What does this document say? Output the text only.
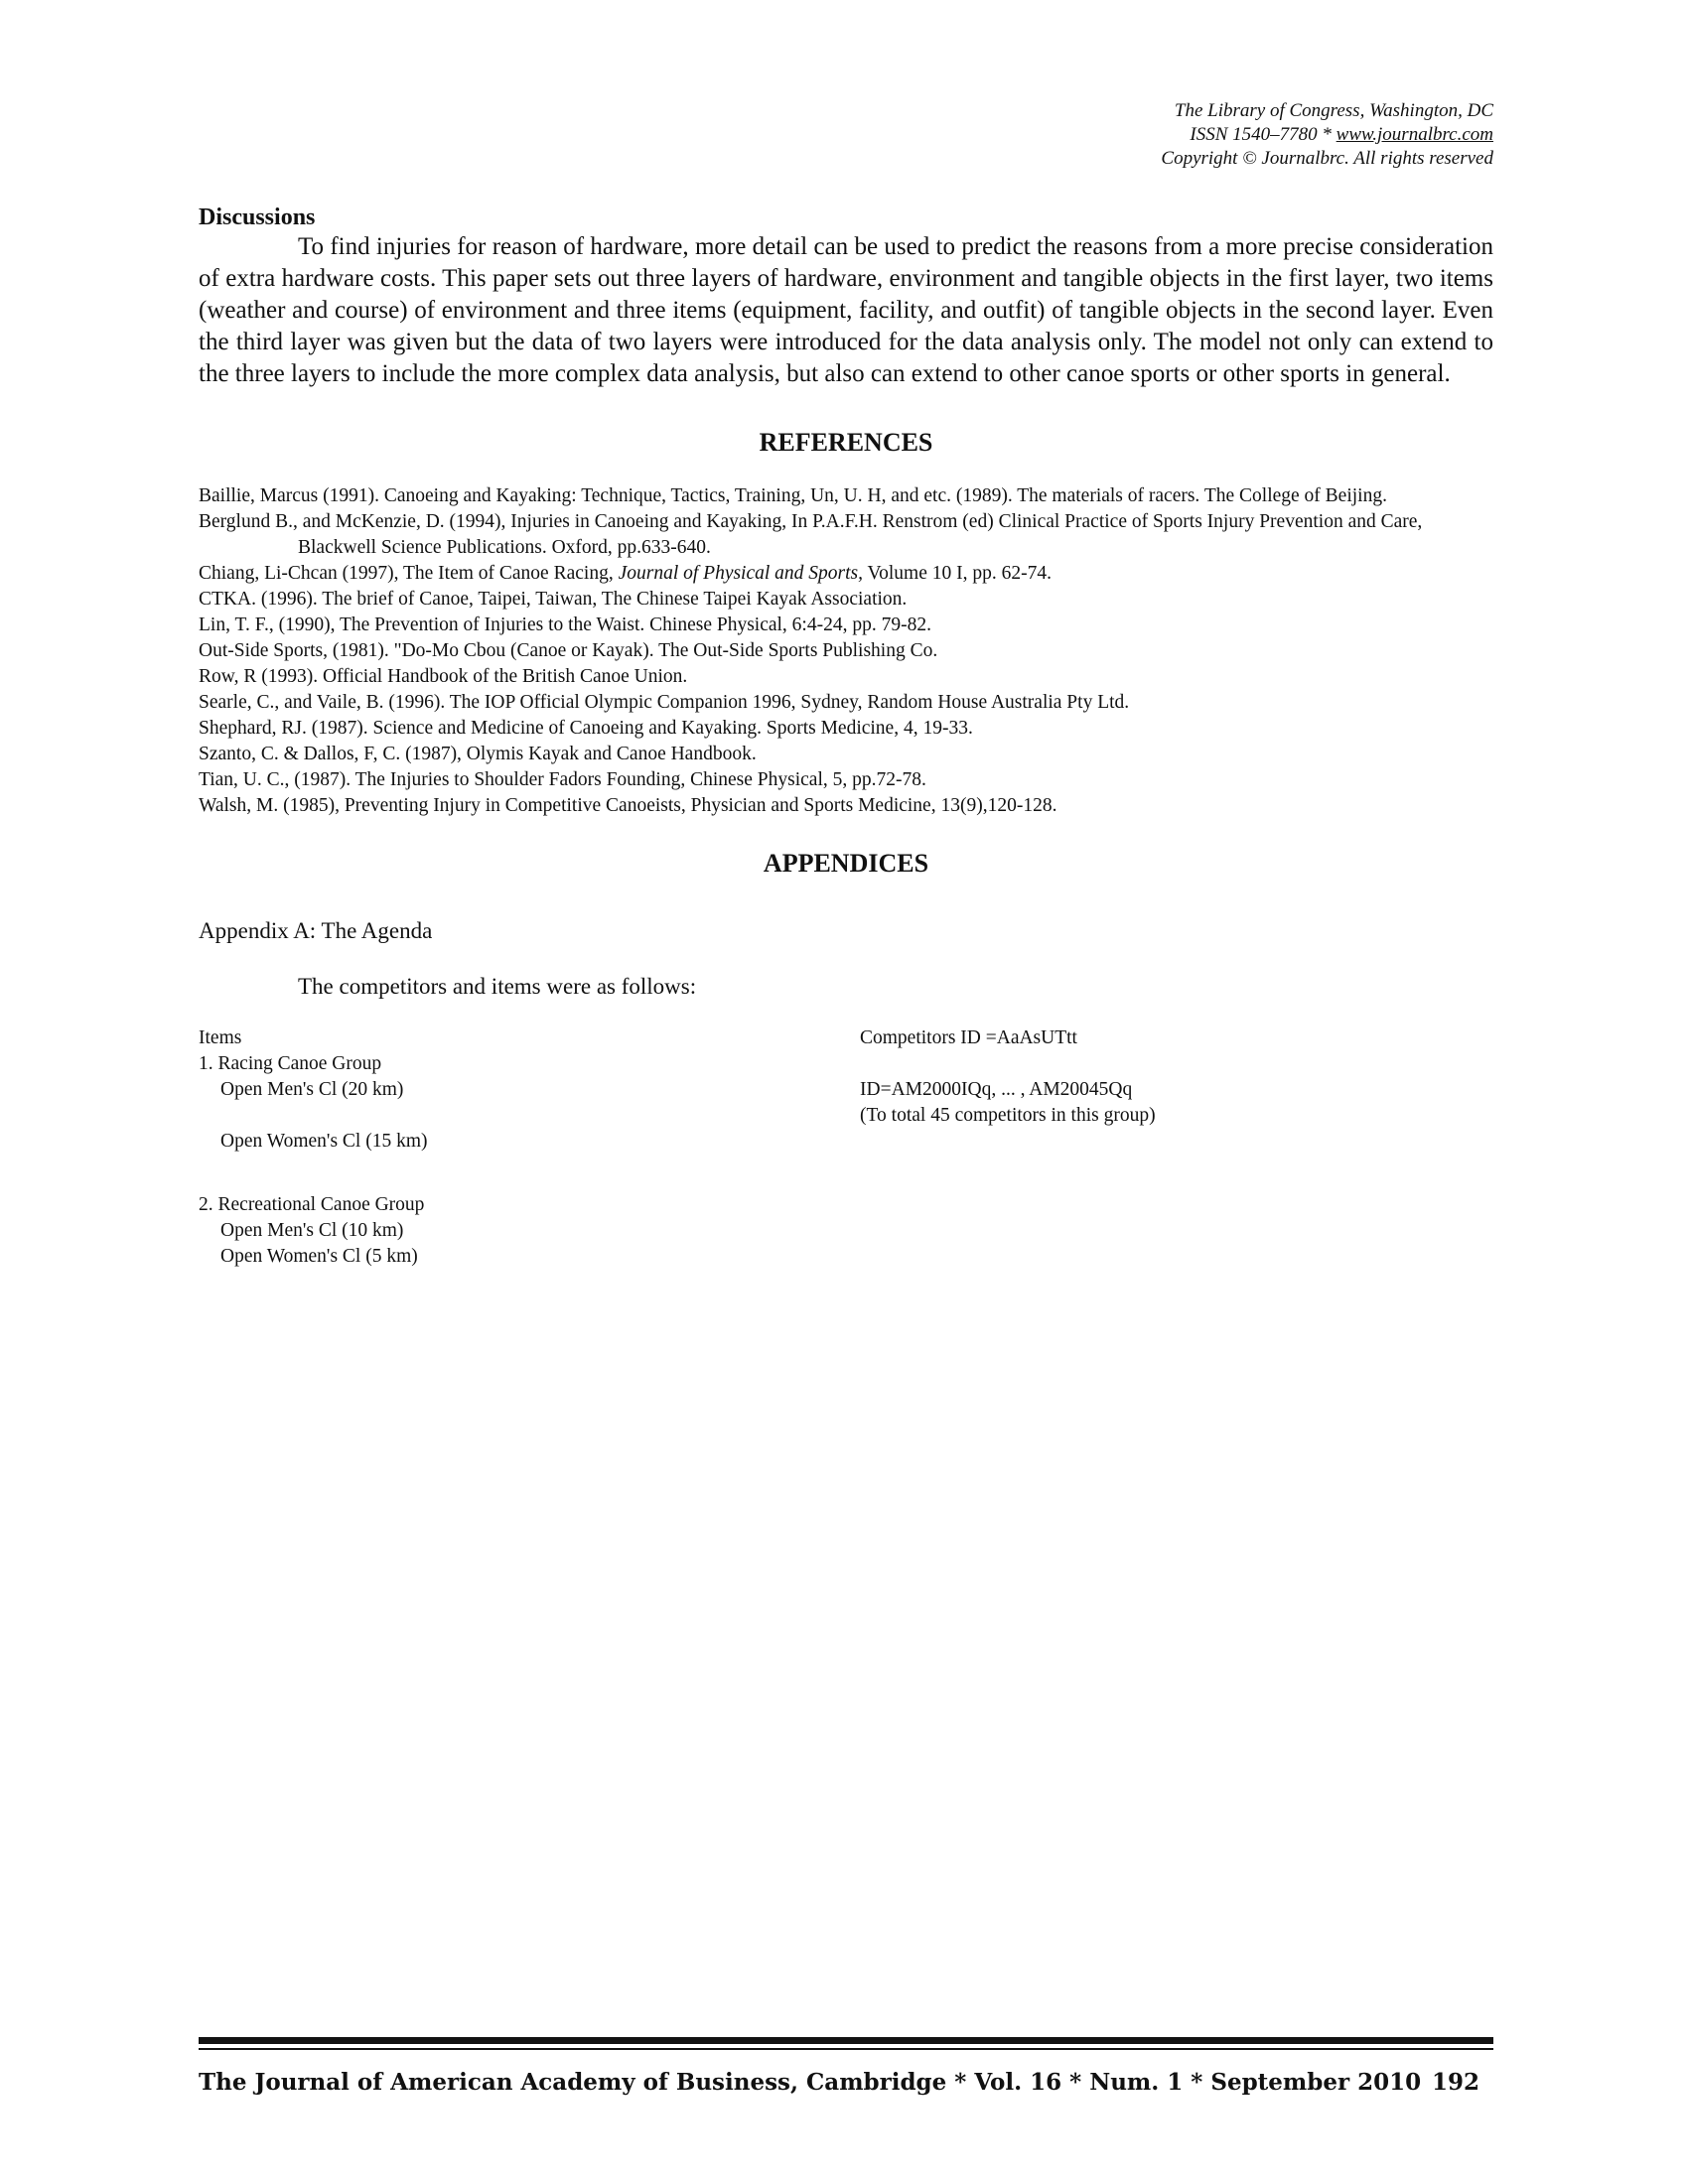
The Library of Congress, Washington, DC
ISSN 1540–7780 * www.journalbrc.com
Copyright © Journalbrc. All rights reserved
Discussions

To find injuries for reason of hardware, more detail can be used to predict the reasons from a more precise consideration of extra hardware costs. This paper sets out three layers of hardware, environment and tangible objects in the first layer, two items (weather and course) of environment and three items (equipment, facility, and outfit) of tangible objects in the second layer. Even the third layer was given but the data of two layers were introduced for the data analysis only. The model not only can extend to the three layers to include the more complex data analysis, but also can extend to other canoe sports or other sports in general.

REFERENCES
Baillie, Marcus (1991). Canoeing and Kayaking: Technique, Tactics, Training, Un, U. H, and etc. (1989). The materials of racers. The College of Beijing.
Berglund B., and McKenzie, D. (1994), Injuries in Canoeing and Kayaking, In P.A.F.H. Renstrom (ed) Clinical Practice of Sports Injury Prevention and Care, Blackwell Science Publications. Oxford, pp.633-640.
Chiang, Li-Chcan (1997), The Item of Canoe Racing, Journal of Physical and Sports, Volume 10 I, pp. 62-74.
CTKA. (1996). The brief of Canoe, Taipei, Taiwan, The Chinese Taipei Kayak Association.
Lin, T. F., (1990), The Prevention of Injuries to the Waist. Chinese Physical, 6:4-24, pp. 79-82.
Out-Side Sports, (1981). "Do-Mo Cbou (Canoe or Kayak). The Out-Side Sports Publishing Co.
Row, R (1993). Official Handbook of the British Canoe Union.
Searle, C., and Vaile, B. (1996). The IOP Official Olympic Companion 1996, Sydney, Random House Australia Pty Ltd.
Shephard, RJ. (1987). Science and Medicine of Canoeing and Kayaking. Sports Medicine, 4, 19-33.
Szanto, C. & Dallos, F, C. (1987), Olymis Kayak and Canoe Handbook.
Tian, U. C., (1987). The Injuries to Shoulder Fadors Founding, Chinese Physical, 5, pp.72-78.
Walsh, M. (1985), Preventing Injury in Competitive Canoeists, Physician and Sports Medicine, 13(9),120-128.
APPENDICES
Appendix A: The Agenda
The competitors and items were as follows:
Items
1. Racing Canoe Group
Open Men's Cl (20 km)
Open Women's Cl (15 km)
2. Recreational Canoe Group
Open Men's Cl (10 km)
Open Women's Cl (5 km)
Competitors ID =AaAsUTtt
ID=AM2000IQq, ... , AM20045Qq
(To total 45 competitors in this group)
The Journal of American Academy of Business, Cambridge * Vol. 16 * Num. 1 * September 2010 192
